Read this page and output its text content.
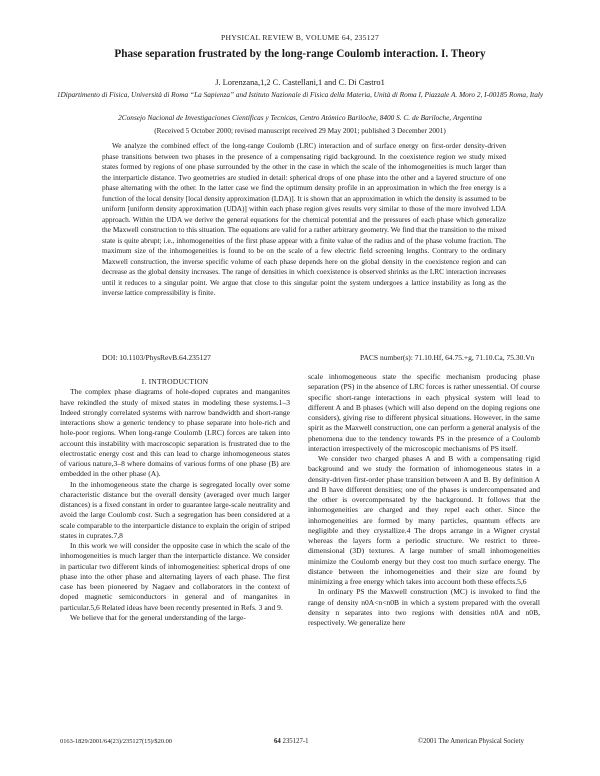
PHYSICAL REVIEW B, VOLUME 64, 235127
Phase separation frustrated by the long-range Coulomb interaction. I. Theory
J. Lorenzana,1,2 C. Castellani,1 and C. Di Castro1
1Dipartimento di Fisica, Università di Roma “La Sapienza” and Istituto Nazionale di Fisica della Materia, Unità di Roma I, Piazzale A. Moro 2, I-00185 Roma, Italy
2Consejo Nacional de Investigaciones Científicas y Tecnicas, Centro Atómico Bariloche, 8400 S. C. de Bariloche, Argentina
(Received 5 October 2000; revised manuscript received 29 May 2001; published 3 December 2001)
We analyze the combined effect of the long-range Coulomb (LRC) interaction and of surface energy on first-order density-driven phase transitions between two phases in the presence of a compensating rigid background. In the coexistence region we study mixed states formed by regions of one phase surrounded by the other in the case in which the scale of the inhomogeneities is much larger than the interparticle distance. Two geometries are studied in detail: spherical drops of one phase into the other and a layered structure of one phase alternating with the other. In the latter case we find the optimum density profile in an approximation in which the free energy is a function of the local density [local density approximation (LDA)]. It is shown that an approximation in which the density is assumed to be uniform [uniform density approximation (UDA)] within each phase region gives results very similar to those of the more involved LDA approach. Within the UDA we derive the general equations for the chemical potential and the pressures of each phase which generalize the Maxwell construction to this situation. The equations are valid for a rather arbitrary geometry. We find that the transition to the mixed state is quite abrupt; i.e., inhomogeneities of the first phase appear with a finite value of the radius and of the phase volume fraction. The maximum size of the inhomogeneities is found to be on the scale of a few electric field screening lengths. Contrary to the ordinary Maxwell construction, the inverse specific volume of each phase depends here on the global density in the coexistence region and can decrease as the global density increases. The range of densities in which coexistence is observed shrinks as the LRC interaction increases until it reduces to a singular point. We argue that close to this singular point the system undergoes a lattice instability as long as the inverse lattice compressibility is finite.
DOI: 10.1103/PhysRevB.64.235127	PACS number(s): 71.10.Hf, 64.75.+g, 71.10.Ca, 75.30.Vn

I. INTRODUCTION

The complex phase diagrams of hole-doped cuprates and manganites have rekindled the study of mixed states in modeling these systems.1–3 Indeed strongly correlated systems with narrow bandwidth and short-range interactions show a generic tendency to phase separate into hole-rich and hole-poor regions. When long-range Coulomb (LRC) forces are taken into account this instability with macroscopic separation is frustrated due to the electrostatic energy cost and this can lead to charge inhomogeneous states of various nature,3–8 where domains of various forms of one phase (B) are embedded in the other phase (A).

In the inhomogeneous state the charge is segregated locally over some characteristic distance but the overall density (averaged over much larger distances) is a fixed constant in order to guarantee large-scale neutrality and avoid the large Coulomb cost. Such a segregation has been considered at a scale comparable to the interparticle distance to explain the origin of striped states in cuprates.7,8

In this work we will consider the opposite case in which the scale of the inhomogeneities is much larger than the interparticle distance. We consider in particular two different kinds of inhomogeneities: spherical drops of one phase into the other phase and alternating layers of each phase. The first case has been pioneered by Nagaev and collaborators in the context of doped magnetic semiconductors in general and of manganites in particular.5,6 Related ideas have been recently presented in Refs. 3 and 9.

We believe that for the general understanding of the large-

scale inhomogeneous state the specific mechanism producing phase separation (PS) in the absence of LRC forces is rather unessential. Of course specific short-range interactions in each physical system will lead to different A and B phases (which will also depend on the doping regions one considers), giving rise to different physical situations. However, in the same spirit as the Maxwell construction, one can perform a general analysis of the phenomena due to the tendency towards PS in the presence of a Coulomb interaction irrespectively of the microscopic mechanisms of PS itself.

We consider two charged phases A and B with a compensating rigid background and we study the formation of inhomogeneous states in a density-driven first-order phase transition between A and B. By definition A and B have different densities; one of the phases is undercompensated and the other is overcompensated by the background. It follows that the inhomogeneities are charged and they repel each other. Since the inhomogeneities are formed by many particles, quantum effects are negligible and they crystallize.4 The drops arrange in a Wigner crystal whereas the layers form a periodic structure. We restrict to three-dimensional (3D) textures. A large number of small inhomogeneities minimize the Coulomb energy but they cost too much surface energy. The distance between the inhomogeneities and their size are found by minimizing a free energy which takes into account both these effects.5,6

In ordinary PS the Maxwell construction (MC) is invoked to find the range of density n0A<n<n0B in which a system prepared with the overall density n separates into two regions with densities n0A and n0B, respectively. We generalize here

0163-1829/2001/64(23)/235127(15)/$20.00	64 235127-1	©2001 The American Physical Society
